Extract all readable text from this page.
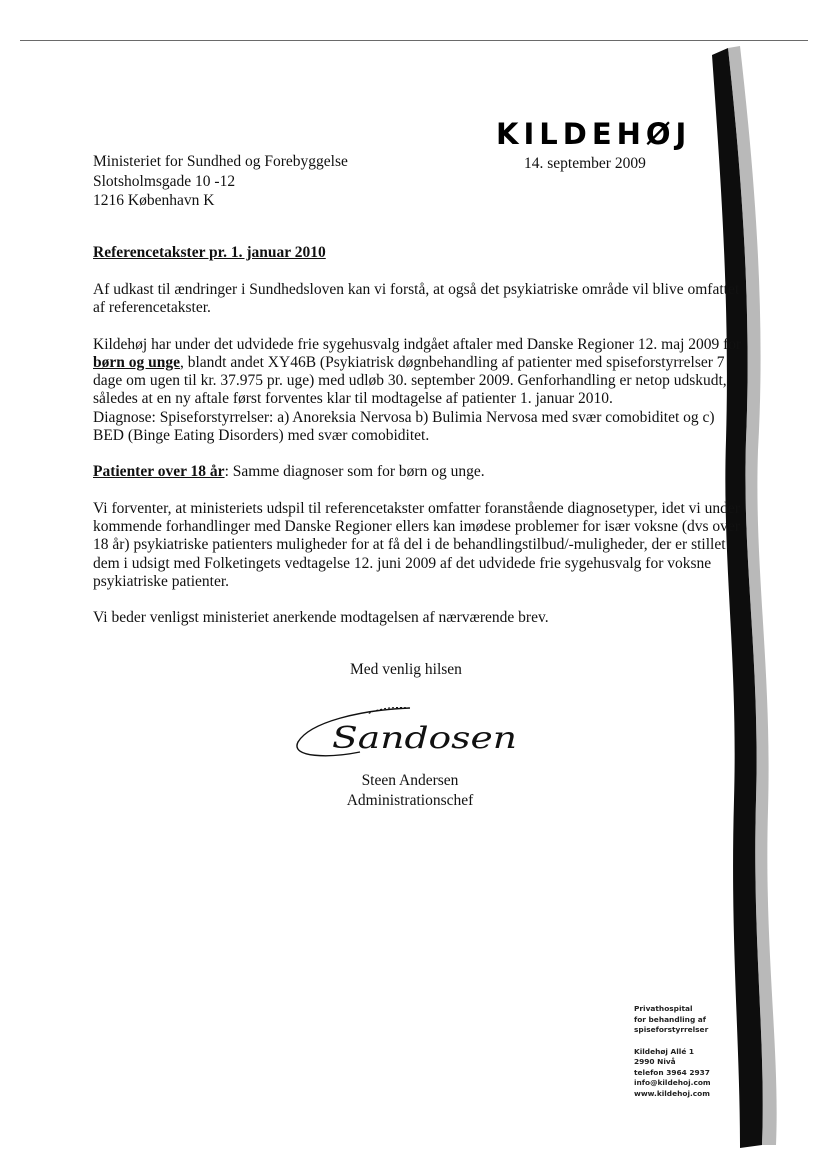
KILDEHØJ
14. september 2009
Ministeriet for Sundhed og Forebyggelse
Slotsholmsgade 10 -12
1216 København K
Referencetakster pr. 1. januar 2010

Af udkast til ændringer i Sundhedsloven kan vi forstå, at også det psykiatriske område vil blive omfattet af referencetakster.

Kildehøj har under det udvidede frie sygehusvalg indgået aftaler med Danske Regioner 12. maj 2009 for børn og unge, blandt andet XY46B (Psykiatrisk døgnbehandling af patienter med spiseforstyrrelser 7 dage om ugen til kr. 37.975 pr. uge) med udløb 30. september 2009. Genforhandling er netop udskudt, således at en ny aftale først forventes klar til modtagelse af patienter 1. januar 2010.
Diagnose: Spiseforstyrrelser: a) Anoreksia Nervosa b) Bulimia Nervosa med svær comobiditet og c) BED (Binge Eating Disorders) med svær comobiditet.

Patienter over 18 år: Samme diagnoser som for børn og unge.

Vi forventer, at ministeriets udspil til referencetakster omfatter foranstående diagnosetyper, idet vi under kommende forhandlinger med Danske Regioner ellers kan imødese problemer for især voksne (dvs over 18 år) psykiatriske patienters muligheder for at få del i de behandlingstilbud/-muligheder, der er stillet dem i udsigt med Folketingets vedtagelse 12. juni 2009 af det udvidede frie sygehusvalg for voksne psykiatriske patienter.

Vi beder venligst ministeriet anerkende modtagelsen af nærværende brev.

Med venlig hilsen
Sandosen
Steen Andersen
Administrationschef
Privathospital
for behandling af
spiseforstyrrelser
Kildehøj Allé 1
2990 Nivå
telefon 3964 2937
info@kildehoj.com
www.kildehoj.com
